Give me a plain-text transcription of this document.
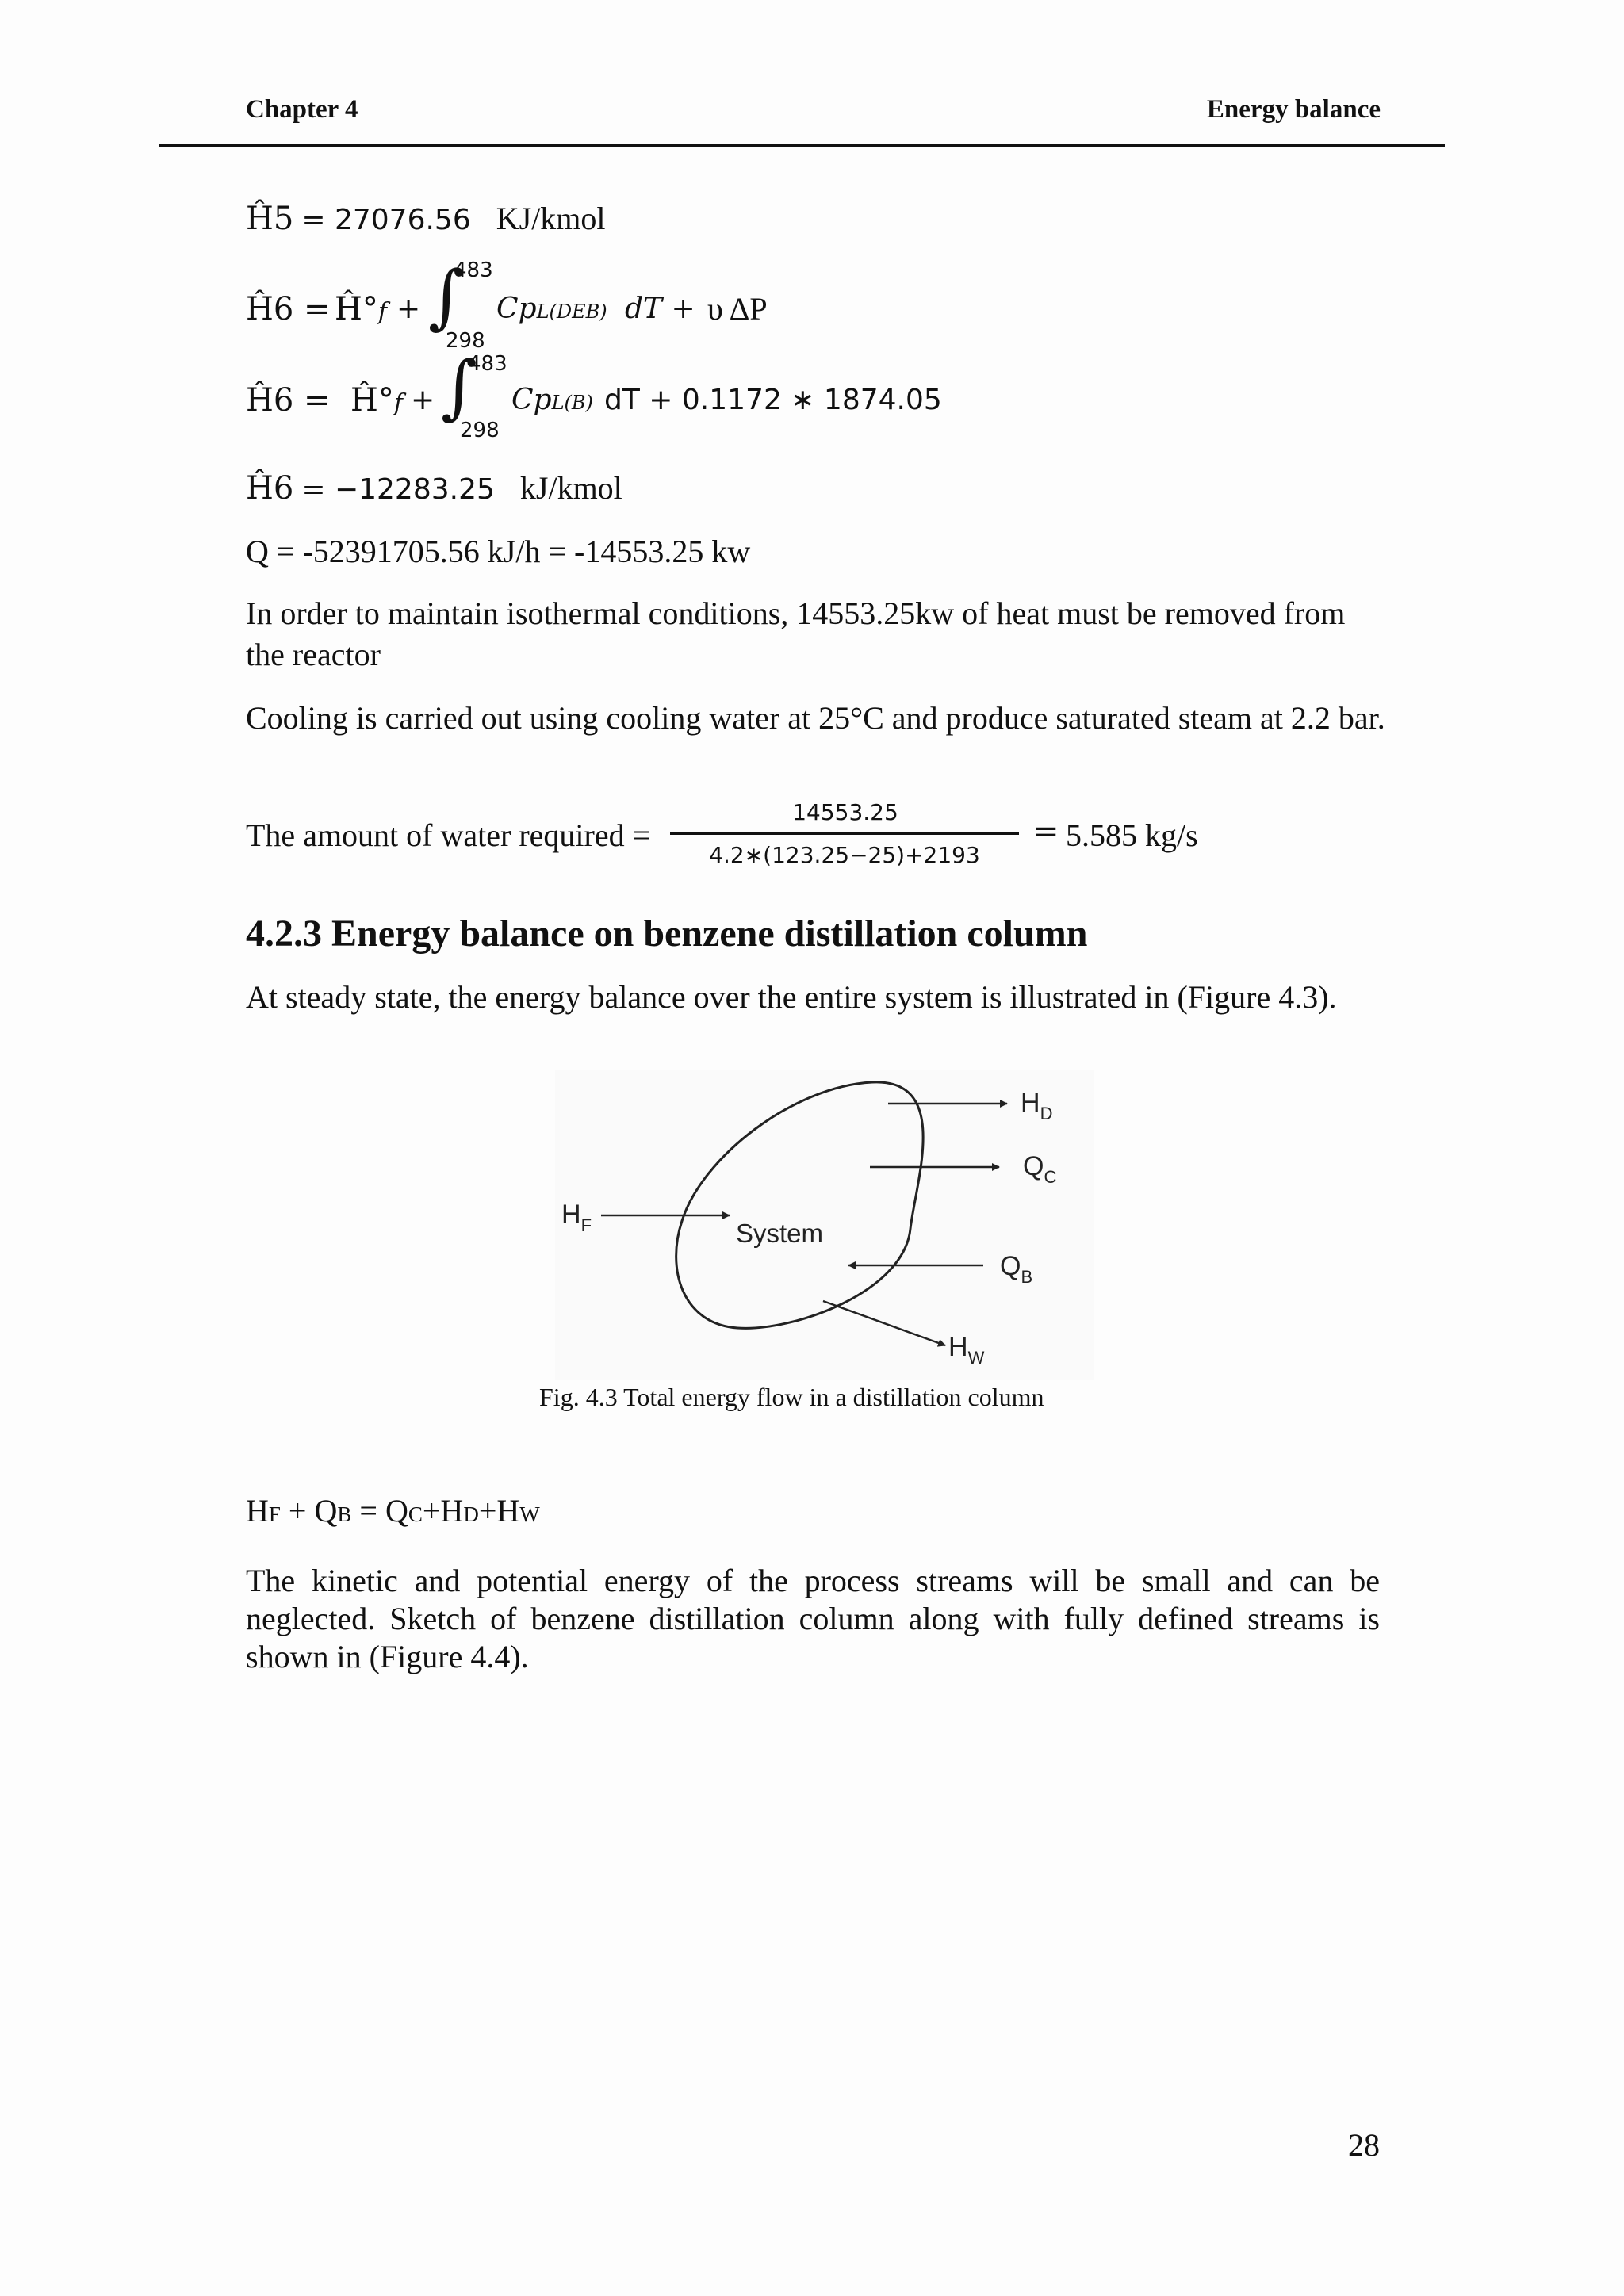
Chapter 4	Energy balance
Ĥ5 = 27076.56 KJ/kmol
Ĥ6 = Ĥ°f + ∫
483
298
CpL(DEB) dT + υ ΔP
Ĥ6 = Ĥ°f + ∫
483
298
CpL(B) dT + 0.1172 ∗ 1874.05
Ĥ6 = −12283.25 kJ/kmol
Q = -52391705.56 kJ/h = -14553.25 kw
In order to maintain isothermal conditions, 14553.25kw of heat must be removed from the reactor
Cooling is carried out using cooling water at 25°C and produce saturated steam at 2.2 bar.
The amount of water required =
14553.25
4.2∗(123.25−25)+2193
= 5.585 kg/s
4.2.3 Energy balance on benzene distillation column
At steady state, the energy balance over the entire system is illustrated in (Figure 4.3).
System
$H_D$
$Q_C$
$H_F$
$Q_B$
$H_W$
Fig. 4.3 Total energy flow in a distillation column
HF + QB = QC+HD+HW
The kinetic and potential energy of the process streams will be small and can be neglected. Sketch of benzene distillation column along with fully defined streams is shown in (Figure 4.4).
28
